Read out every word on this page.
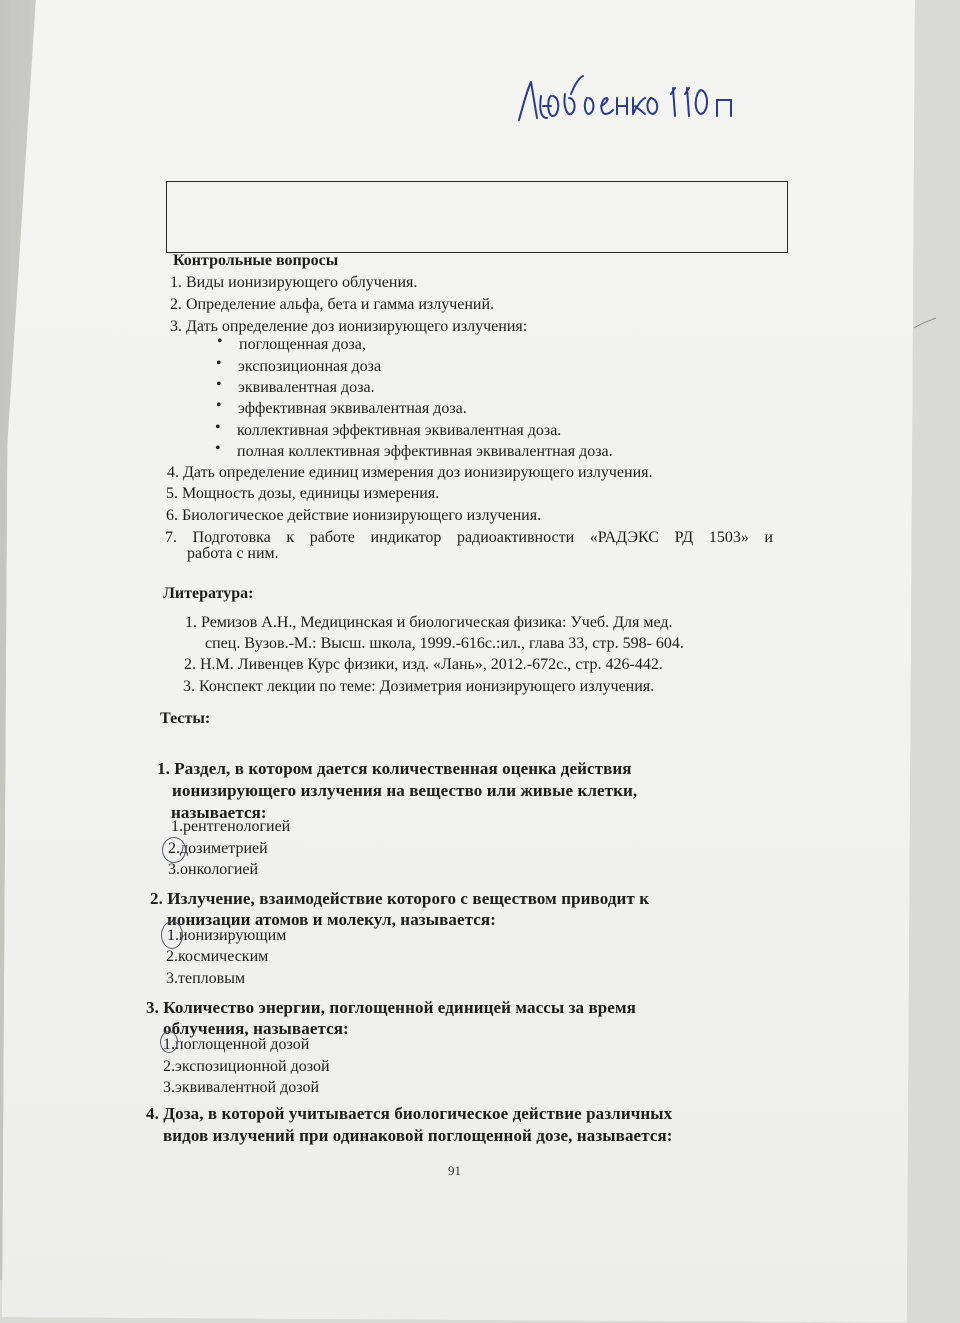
Контрольные вопросы
1. Виды ионизирующего облучения.
2. Определение альфа, бета и гамма излучений.
3. Дать определение доз ионизирующего излучения:
• поглощенная доза,
• экспозиционная доза
• эквивалентная доза.
• эффективная эквивалентная доза.
• коллективная эффективная эквивалентная доза.
• полная коллективная эффективная эквивалентная доза.
4. Дать определение единиц измерения доз ионизирующего излучения.
5. Мощность дозы, единицы измерения.
6. Биологическое действие ионизирующего излучения.
7. Подготовка к работе индикатор радиоактивности «РАДЭКС РД 1503» и
работа с ним.
Литература:
1. Ремизов А.Н., Медицинская и биологическая физика: Учеб. Для мед.
спец. Вузов.-М.: Высш. школа, 1999.-616с.:ил., глава 33, стр. 598- 604.
2. Н.М. Ливенцев Курс физики, изд. «Лань», 2012.-672с., стр. 426-442.
3. Конспект лекции по теме: Дозиметрия ионизирующего излучения.
Тесты:
1. Раздел, в котором дается количественная оценка действия
ионизирующего излучения на вещество или живые клетки,
называется:
1.рентгенологией
2.дозиметрией
3.онкологией
2. Излучение, взаимодействие которого с веществом приводит к
ионизации атомов и молекул, называется:
1.ионизирующим
2.космическим
3.тепловым
3. Количество энергии, поглощенной единицей массы за время
облучения, называется:
1.поглощенной дозой
2.экспозиционной дозой
3.эквивалентной дозой
4. Доза, в которой учитывается биологическое действие различных
видов излучений при одинаковой поглощенной дозе, называется:
91
